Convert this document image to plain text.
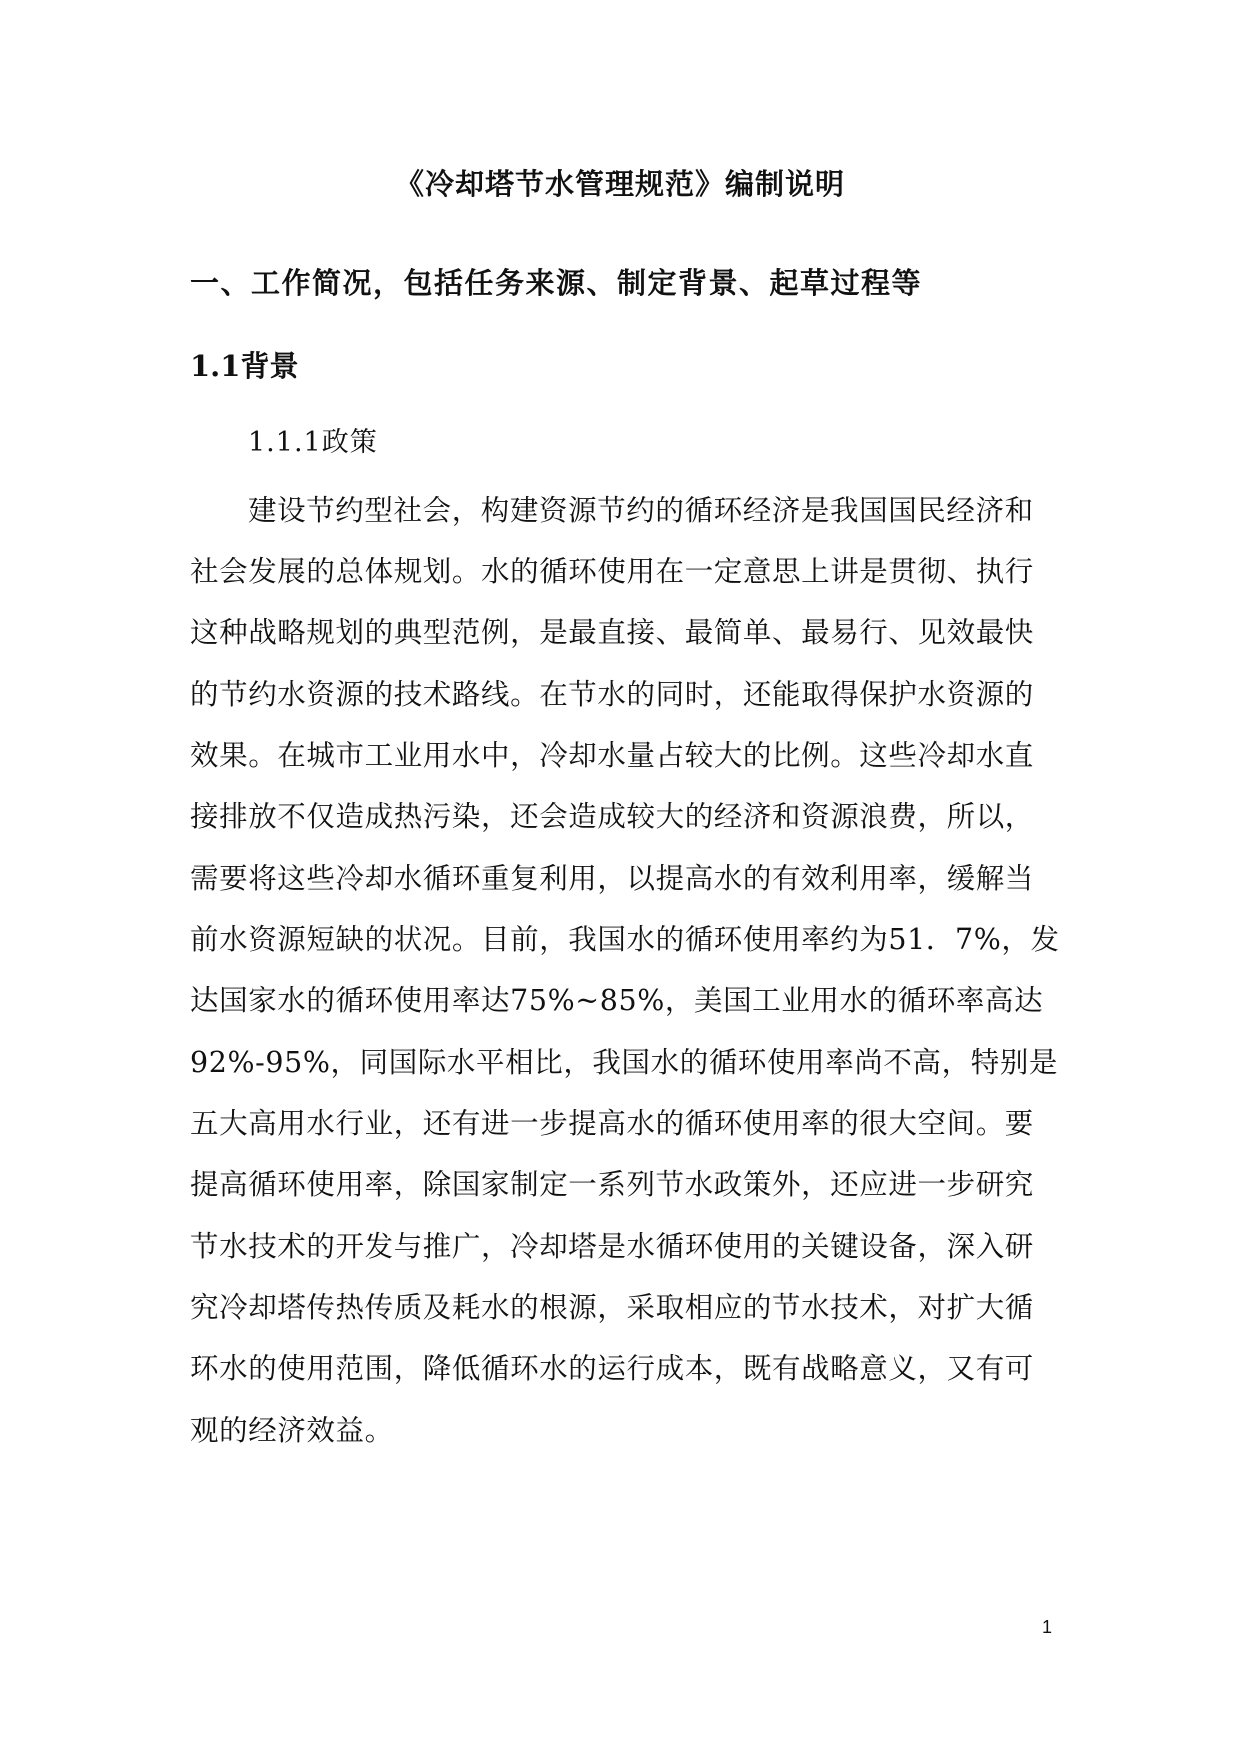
《冷却塔节水管理规范》编制说明
一、工作简况，包括任务来源、制定背景、起草过程等
1.1背景
1.1.1政策
建设节约型社会，构建资源节约的循环经济是我国国民经济和
社会发展的总体规划。水的循环使用在一定意思上讲是贯彻、执行
这种战略规划的典型范例，是最直接、最简单、最易行、见效最快
的节约水资源的技术路线。在节水的同时，还能取得保护水资源的
效果。在城市工业用水中，冷却水量占较大的比例。这些冷却水直
接排放不仅造成热污染，还会造成较大的经济和资源浪费，所以，
需要将这些冷却水循环重复利用，以提高水的有效利用率，缓解当
前水资源短缺的状况。目前，我国水的循环使用率约为51．7%，发
达国家水的循环使用率达75%~85%，美国工业用水的循环率高达
92%-95%，同国际水平相比，我国水的循环使用率尚不高，特别是
五大高用水行业，还有进一步提高水的循环使用率的很大空间。要
提高循环使用率，除国家制定一系列节水政策外，还应进一步研究
节水技术的开发与推广，冷却塔是水循环使用的关键设备，深入研
究冷却塔传热传质及耗水的根源，采取相应的节水技术，对扩大循
环水的使用范围，降低循环水的运行成本，既有战略意义，又有可
观的经济效益。
1
